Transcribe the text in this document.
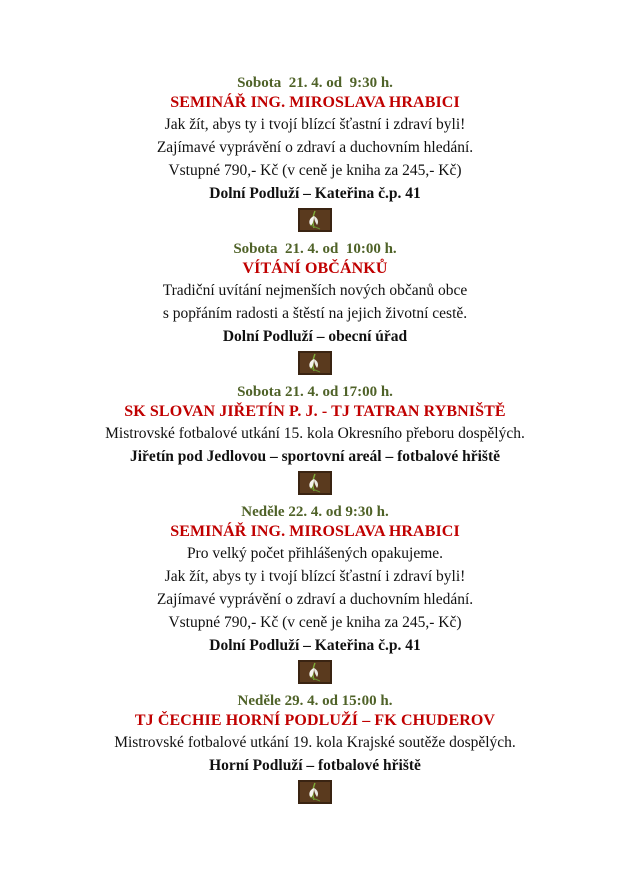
Sobota  21. 4. od  9:30 h.
SEMINÁŘ ING. MIROSLAVA HRABICI
Jak žít, abys ty i tvojí blízcí šťastní i zdraví byli!
Zajímavé vyprávění o zdraví a duchovním hledání.
Vstupné 790,- Kč (v ceně je kniha za 245,- Kč)
Dolní Podluží – Kateřina č.p. 41
Sobota  21. 4. od  10:00 h.
VÍTÁNÍ OBČÁNKŮ
Tradiční uvítání nejmenších nových občanů obce
s popřáním radosti a štěstí na jejich životní cestě.
Dolní Podluží – obecní úřad
Sobota 21. 4. od 17:00 h.
SK SLOVAN JIŘETÍN P. J. - TJ TATRAN RYBNIŠTĚ
Mistrovské fotbalové utkání 15. kola Okresního přeboru dospělých.
Jiřetín pod Jedlovou – sportovní areál – fotbalové hřiště
Neděle 22. 4. od 9:30 h.
SEMINÁŘ ING. MIROSLAVA HRABICI
Pro velký počet přihlášených opakujeme.
Jak žít, abys ty i tvojí blízcí šťastní i zdraví byli!
Zajímavé vyprávění o zdraví a duchovním hledání.
Vstupné 790,- Kč (v ceně je kniha za 245,- Kč)
Dolní Podluží – Kateřina č.p. 41
Neděle 29. 4. od 15:00 h.
TJ ČECHIE HORNÍ PODLUŽÍ – FK CHUDEROV
Mistrovské fotbalové utkání 19. kola Krajské soutěže dospělých.
Horní Podluží – fotbalové hřiště
